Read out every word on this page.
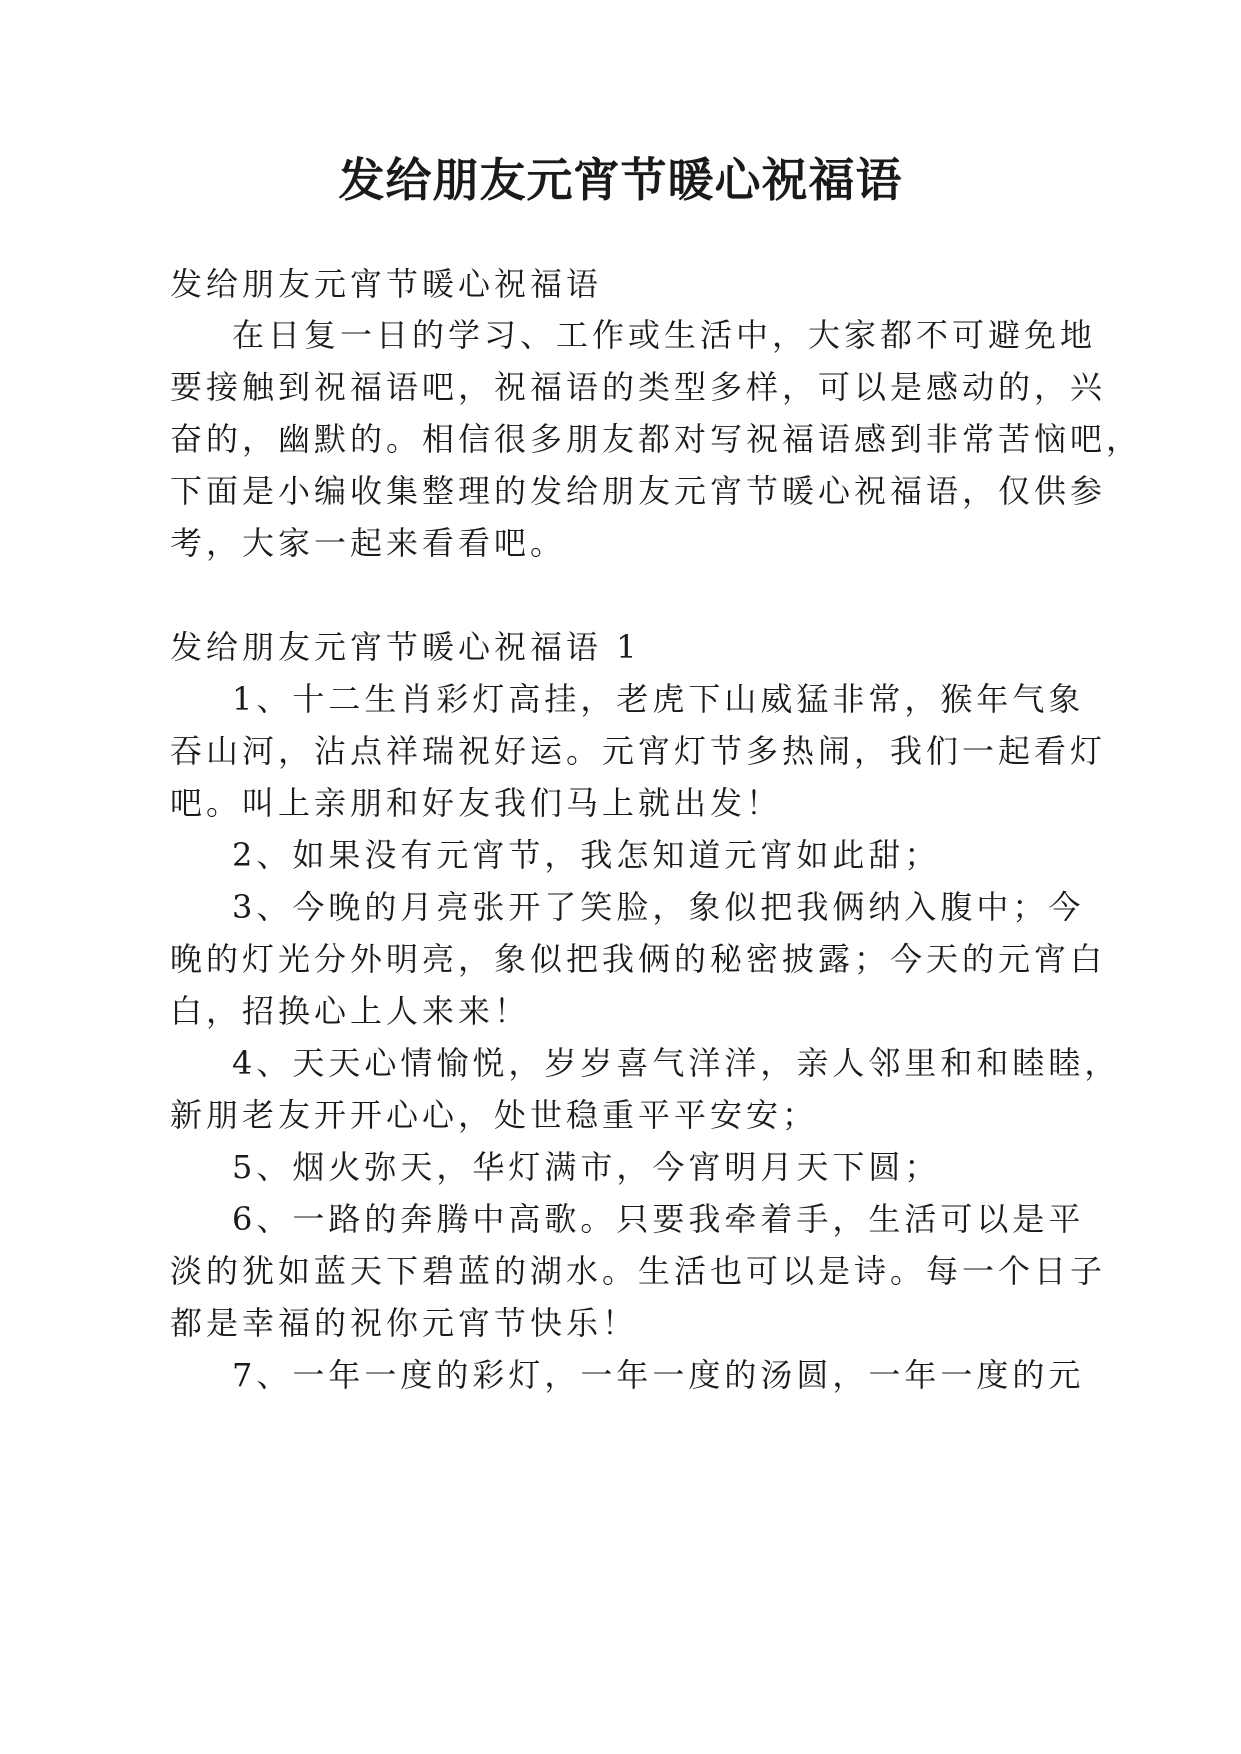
发给朋友元宵节暖心祝福语
发给朋友元宵节暖心祝福语
在日复一日的学习、工作或生活中，大家都不可避免地
要接触到祝福语吧，祝福语的类型多样，可以是感动的，兴
奋的，幽默的。相信很多朋友都对写祝福语感到非常苦恼吧，
下面是小编收集整理的发给朋友元宵节暖心祝福语，仅供参
考，大家一起来看看吧。
发给朋友元宵节暖心祝福语 1
1、十二生肖彩灯高挂，老虎下山威猛非常，猴年气象
吞山河，沾点祥瑞祝好运。元宵灯节多热闹，我们一起看灯
吧。叫上亲朋和好友我们马上就出发！
2、如果没有元宵节，我怎知道元宵如此甜；
3、今晚的月亮张开了笑脸，象似把我俩纳入腹中；今
晚的灯光分外明亮，象似把我俩的秘密披露；今天的元宵白
白，招换心上人来来！
4、天天心情愉悦，岁岁喜气洋洋，亲人邻里和和睦睦，
新朋老友开开心心，处世稳重平平安安；
5、烟火弥天，华灯满市，今宵明月天下圆；
6、一路的奔腾中高歌。只要我牵着手，生活可以是平
淡的犹如蓝天下碧蓝的湖水。生活也可以是诗。每一个日子
都是幸福的祝你元宵节快乐！
7、一年一度的彩灯，一年一度的汤圆，一年一度的元
